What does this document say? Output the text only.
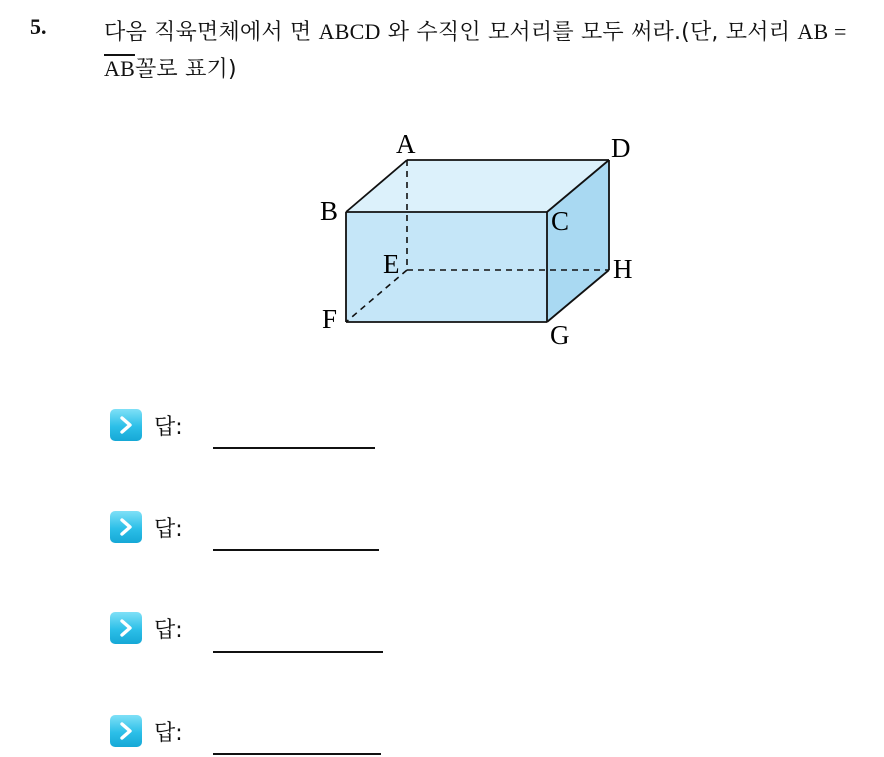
5.	다음 직육면체에서 면 ABCD 와 수직인 모서리를 모두 써라.(단, 모서리 AB = $\overline{AB}$꼴로 표기)
A
B	C
D
E
F
G
H
답:
답:
답:
답:
